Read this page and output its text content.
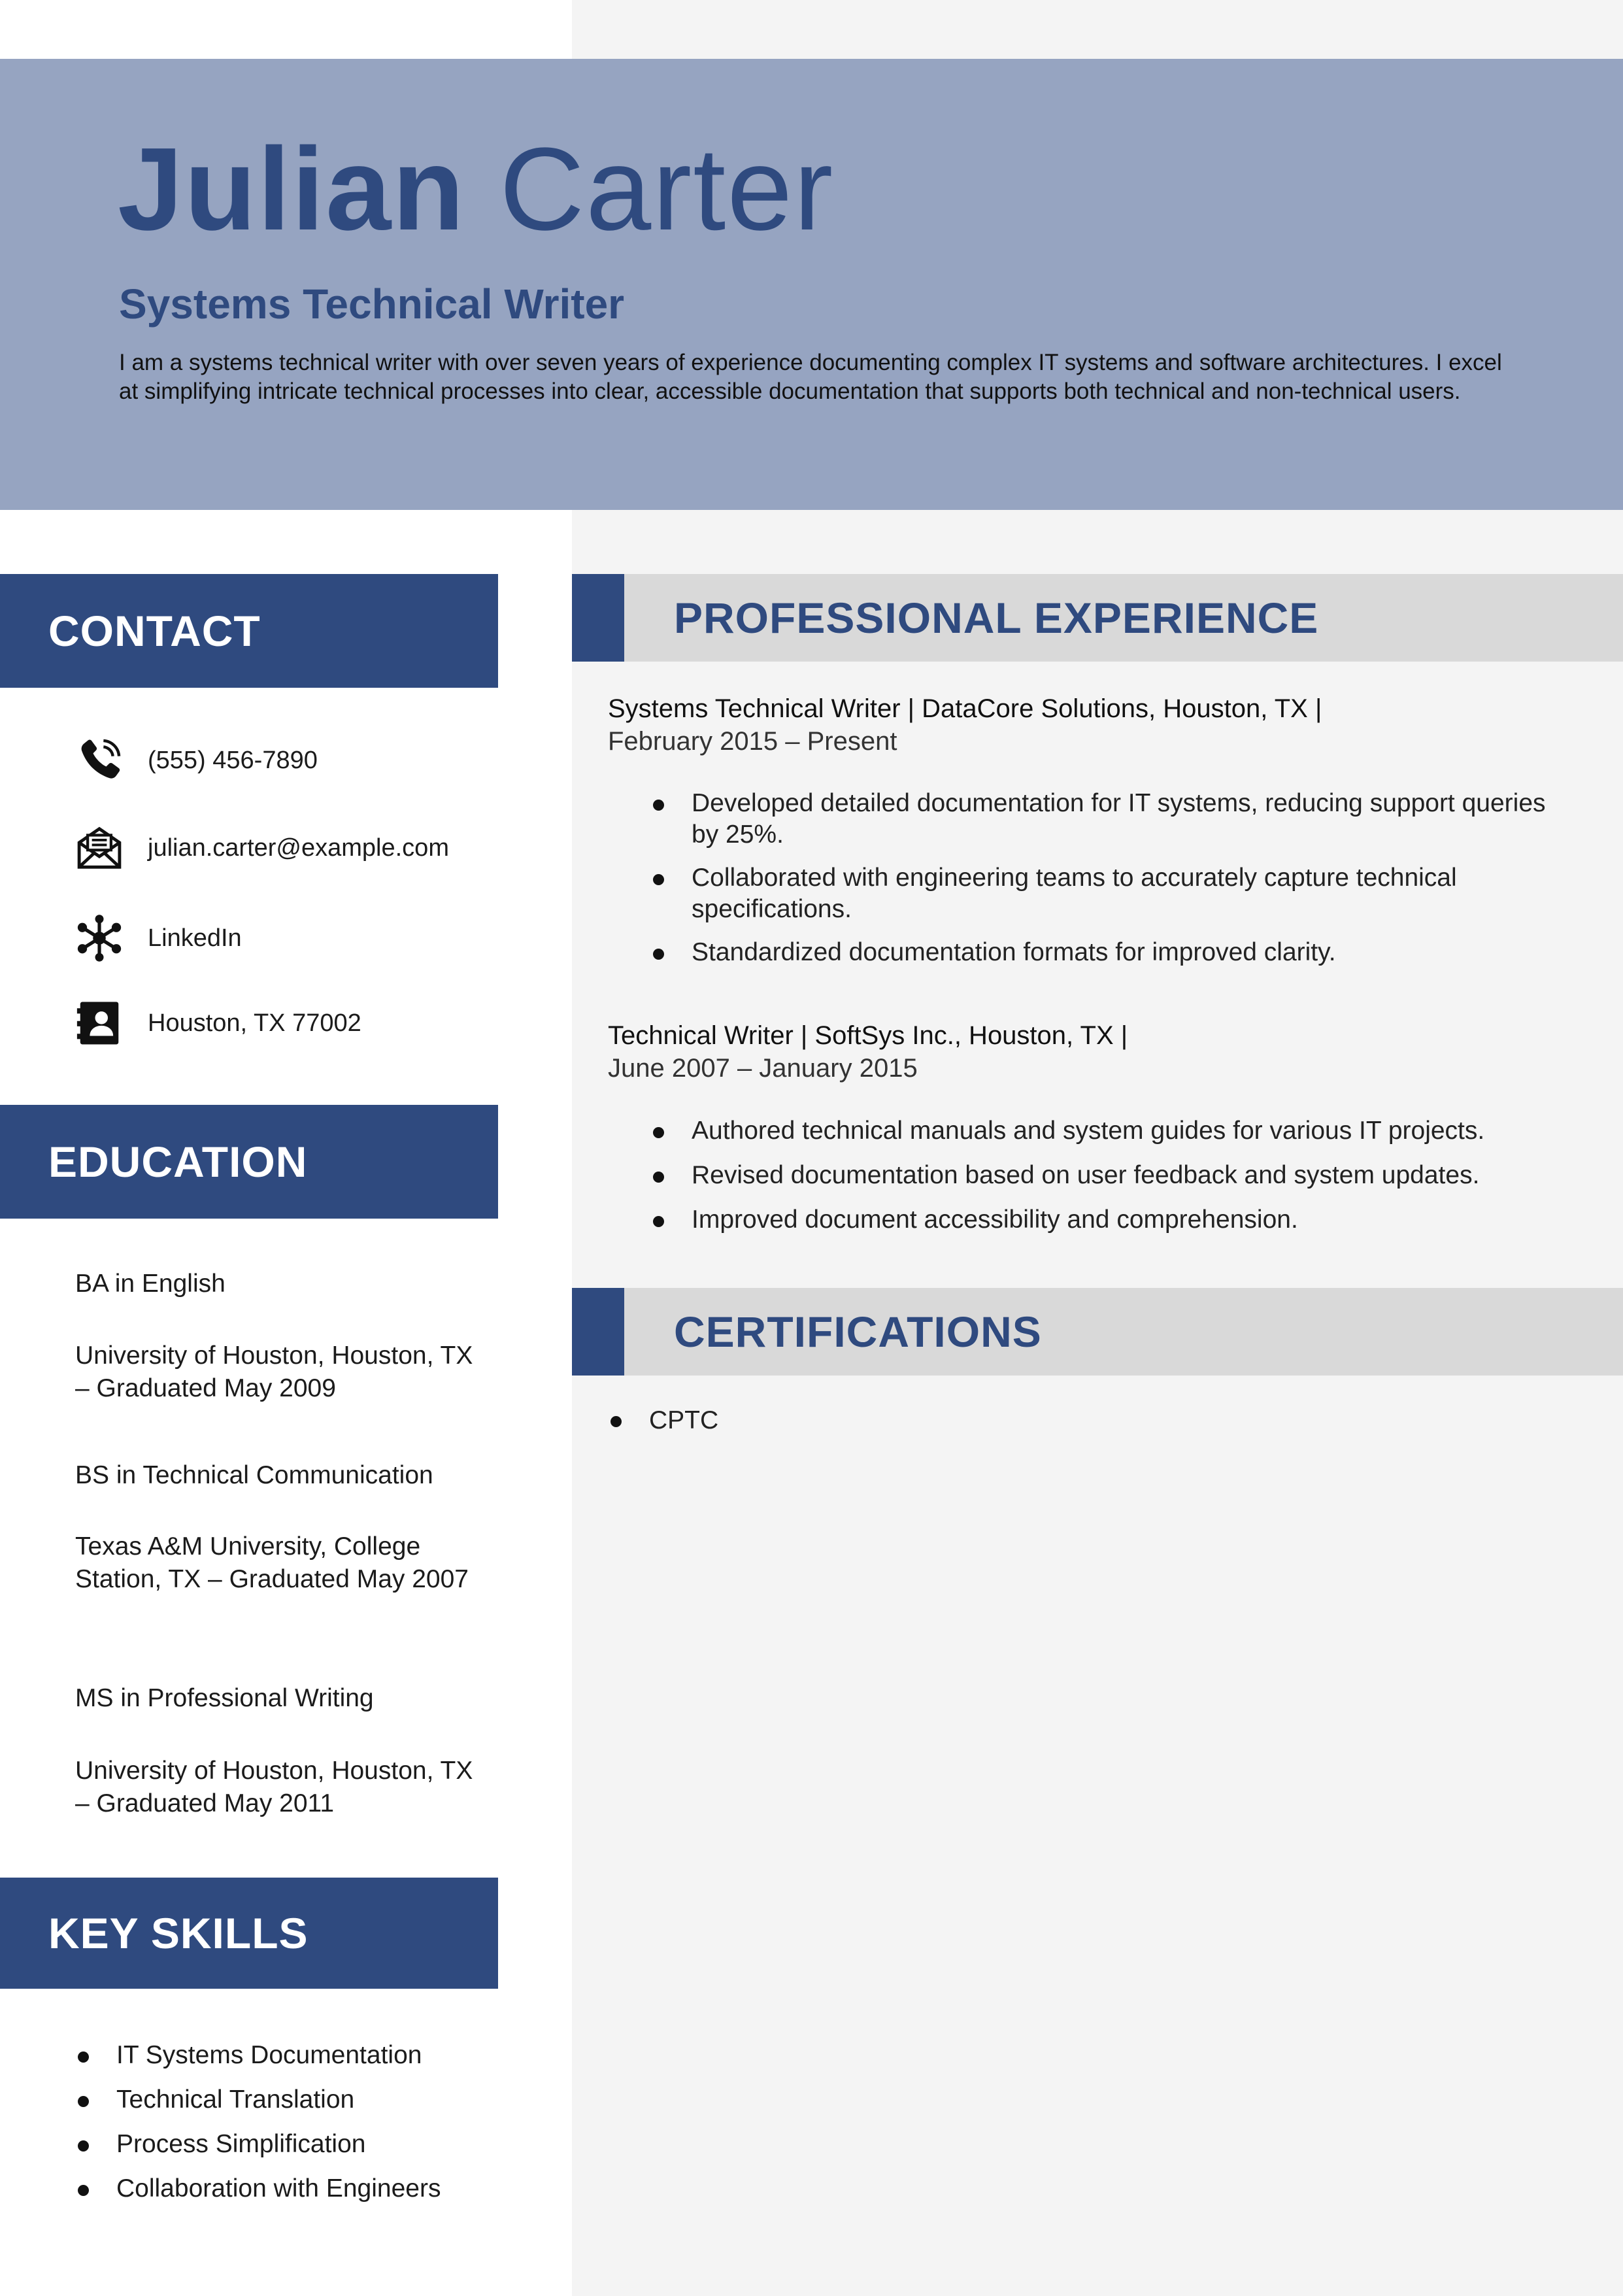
Julian Carter
Systems Technical Writer
I am a systems technical writer with over seven years of experience documenting complex IT systems and software architectures. I excel at simplifying intricate technical processes into clear, accessible documentation that supports both technical and non-technical users.
CONTACT
(555) 456-7890
julian.carter@example.com
LinkedIn
Houston, TX 77002
EDUCATION
BA in English
University of Houston, Houston, TX – Graduated May 2009
BS in Technical Communication
Texas A&M University, College Station, TX – Graduated May 2007
MS in Professional Writing
University of Houston, Houston, TX – Graduated May 2011
KEY SKILLS
IT Systems Documentation
Technical Translation
Process Simplification
Collaboration with Engineers
PROFESSIONAL EXPERIENCE
Systems Technical Writer | DataCore Solutions, Houston, TX |
February 2015 – Present
Developed detailed documentation for IT systems, reducing support queries by 25%.
Collaborated with engineering teams to accurately capture technical specifications.
Standardized documentation formats for improved clarity.
Technical Writer | SoftSys Inc., Houston, TX |
June 2007 – January 2015
Authored technical manuals and system guides for various IT projects.
Revised documentation based on user feedback and system updates.
Improved document accessibility and comprehension.
CERTIFICATIONS
CPTC
